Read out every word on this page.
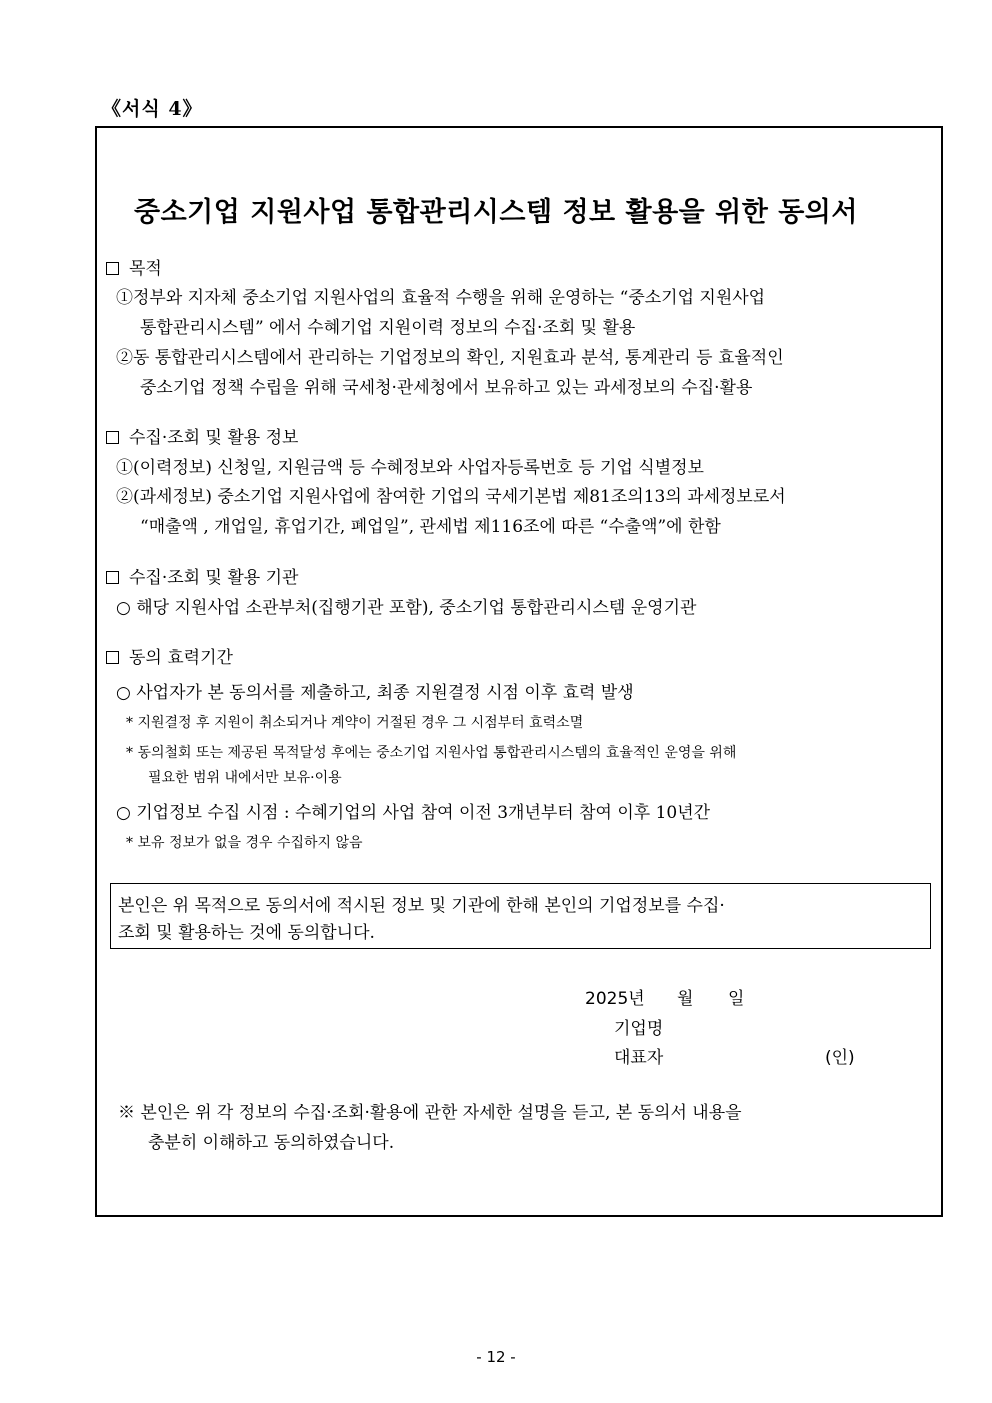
《서식 4》
중소기업 지원사업 통합관리시스템 정보 활용을 위한 동의서
목적
①정부와 지자체 중소기업 지원사업의 효율적 수행을 위해 운영하는 “중소기업 지원사업
통합관리시스템” 에서 수혜기업 지원이력 정보의 수집·조회 및 활용
②동 통합관리시스템에서 관리하는 기업정보의 확인, 지원효과 분석, 통계관리 등 효율적인
중소기업 정책 수립을 위해 국세청·관세청에서 보유하고 있는 과세정보의 수집·활용
수집·조회 및 활용 정보
①(이력정보) 신청일, 지원금액 등 수혜정보와 사업자등록번호 등 기업 식별정보
②(과세정보) 중소기업 지원사업에 참여한 기업의 국세기본법 제81조의13의 과세정보로서
“매출액 , 개업일, 휴업기간, 폐업일”, 관세법 제116조에 따른 “수출액”에 한함
수집·조회 및 활용 기관
○ 해당 지원사업 소관부처(집행기관 포함), 중소기업 통합관리시스템 운영기관
동의 효력기간
○ 사업자가 본 동의서를 제출하고, 최종 지원결정 시점 이후 효력 발생
* 지원결정 후 지원이 취소되거나 계약이 거절된 경우 그 시점부터 효력소멸
* 동의철회 또는 제공된 목적달성 후에는 중소기업 지원사업 통합관리시스템의 효율적인 운영을 위해
필요한 범위 내에서만 보유·이용
○ 기업정보 수집 시점 : 수혜기업의 사업 참여 이전 3개년부터 참여 이후 10년간
* 보유 정보가 없을 경우 수집하지 않음
본인은 위 목적으로 동의서에 적시된 정보 및 기관에 한해 본인의 기업정보를 수집·
조회 및 활용하는 것에 동의합니다.
2025년 월 일
기업명
대표자	(인)
※ 본인은 위 각 정보의 수집·조회·활용에 관한 자세한 설명을 듣고, 본 동의서 내용을
충분히 이해하고 동의하였습니다.
- 12 -
